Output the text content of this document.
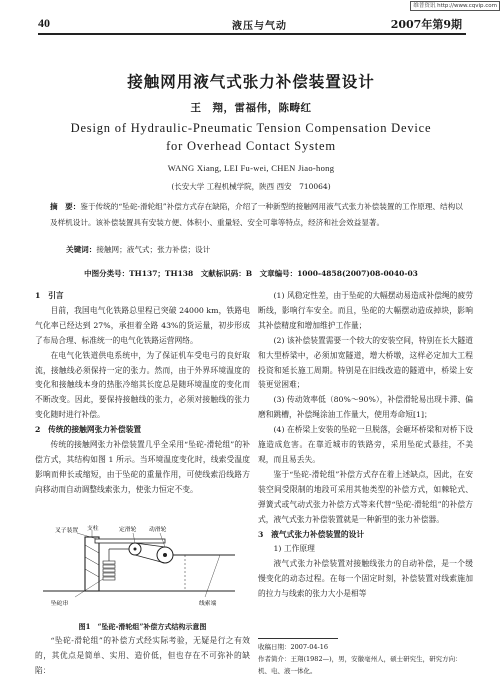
维普资讯 http://www.cqvip.com
40	液压与气动	2007年第9期
接触网用液气式张力补偿装置设计
王　翔，雷福伟，陈畴红
Design of Hydraulic-Pneumatic Tension Compensation Device
for Overhead Contact System
WANG Xiang, LEI Fu-wei, CHEN Jiao-hong
(长安大学 工程机械学院，陕西 西安　710064)
摘　要：鉴于传统的“坠砣-滑轮组”补偿方式存在缺陷，介绍了一种新型的接触网用液气式张力补偿装置的工作原理、结构以及样机设计。该补偿装置具有安装方便、体积小、重量轻、安全可靠等特点，经济和社会效益显著。
关键词：接触网；液气式；张力补偿；设计
中图分类号：TH137；TH138　文献标识码：B　文章编号：1000-4858(2007)08-0040-03
1　引言

目前，我国电气化铁路总里程已突破 24000 km，铁路电气化率已经达到 27%，承担着全路 43%的货运量，初步形成了布局合理、标准统一的电气化铁路运营网络。

在电气化铁道供电系统中，为了保证机车受电弓的良好取流，接触线必须保持一定的张力。然而，由于外界环境温度的变化和接触线本身的热胀冷缩其长度总是随环境温度的变化而不断改变。因此，要保持接触线的张力，必须对接触线的张力变化随时进行补偿。

2　传统的接触网张力补偿装置

传统的接触网张力补偿装置几乎全采用“坠砣-滑轮组”的补偿方式，其结构如图 1 所示。当环境温度变化时，线索受温度影响而伸长或缩短，由于坠砣的重量作用，可使线索沿线路方向移动而自动调整线索张力，使张力恒定不变。

叉子装置 支柱	定滑轮 动滑轮
坠砣串	线索端
图1　“坠砣-滑轮组”补偿方式结构示意图

“坠砣-滑轮组”的补偿方式经实际考验，无疑是行之有效的，其优点是简单、实用、造价低，但也存在不可弥补的缺陷：

(1) 风稳定性差，由于坠砣的大幅摆动易造成补偿绳的疲劳断线，影响行车安全。而且，坠砣的大幅摆动造成掉块，影响其补偿精度和增加维护工作量；

(2) 该补偿装置需要一个较大的安装空间，特别在长大隧道和大型桥梁中，必须加宽隧道，增大桥墩，这样必定加大工程投资和延长施工周期。特别是在旧线改造的隧道中，桥梁上安装更觉困难；

(3) 传动效率低（80%～90%），补偿滑轮易出现卡滞、偏磨和跳槽，补偿绳涂油工作量大，使用寿命短[1]；

(4) 在桥梁上安装的坠砣一旦脱落，会砸坏桥梁和对桥下设施造成危害。在靠近城市的铁路旁，采用坠砣式悬挂，不美观，而且易丢失。

鉴于“坠砣-滑轮组”补偿方式存在着上述缺点，因此，在安装空间受限制的地段可采用其他类型的补偿方式，如棘轮式、弹簧式或气动式张力补偿方式等来代替“坠砣-滑轮组”的补偿方式，液气式张力补偿装置就是一种新型的张力补偿器。

3　液气式张力补偿装置的设计

1) 工作原理

液气式张力补偿装置对接触线张力的自动补偿，是一个缓慢变化的动态过程。在每一个固定时刻，补偿装置对线索施加的拉力与线索的张力大小是相等

收稿日期：2007-04-16
作者简介：王翔(1982—)，男，安徽亳州人，硕士研究生，研究方向：机、电、液一体化。
